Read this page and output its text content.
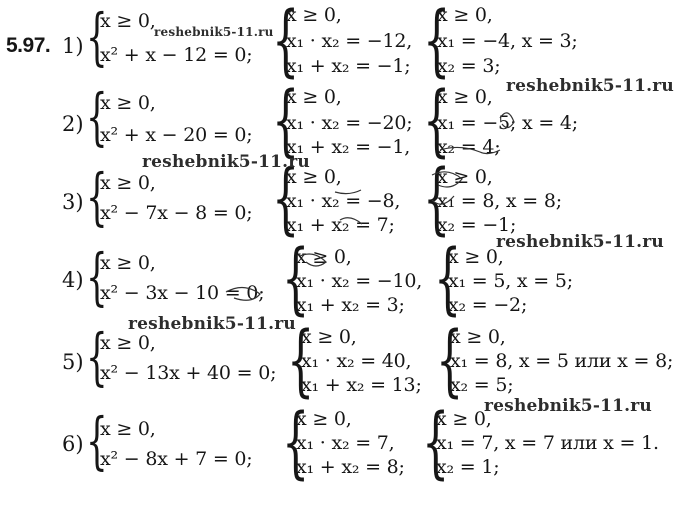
5.97. 1) {
x ≥ 0,
x² + x − 12 = 0; {
x ≥ 0,
x₁ · x₂ = −12,
x₁ + x₂ = −1; {
x ≥ 0,
x₁ = −4, x = 3;
x₂ = 3;
2) {
x ≥ 0,
x² + x − 20 = 0; {
x ≥ 0,
x₁ · x₂ = −20;
x₁ + x₂ = −1, {
x ≥ 0,
x₁ = −5; x = 4;
x₂ = 4;
3) {
x ≥ 0,
x² − 7x − 8 = 0; {
x ≥ 0,
x₁ · x₂ = −8,
x₁ + x₂ = 7; {
x ≥ 0,
x₁ = 8, x = 8;
x₂ = −1;
4) {
x ≥ 0,
x² − 3x − 10 = 0; {
x ≥ 0,
x₁ · x₂ = −10,
x₁ + x₂ = 3; {
x ≥ 0,
x₁ = 5, x = 5;
x₂ = −2;
5) {
x ≥ 0,
x² − 13x + 40 = 0; {
x ≥ 0,
x₁ · x₂ = 40,
x₁ + x₂ = 13; {
x ≥ 0,
x₁ = 8, x = 5 или x = 8;
x₂ = 5;
6) {
x ≥ 0,
x² − 8x + 7 = 0; {
x ≥ 0,
x₁ · x₂ = 7,
x₁ + x₂ = 8; {
x ≥ 0,
x₁ = 7, x = 7 или x = 1.
x₂ = 1;
reshebnik5-11.ru
reshebnik5-11.ru
reshebnik5-11.ru
reshebnik5-11.ru
reshebnik5-11.ru
reshebnik5-11.ru
